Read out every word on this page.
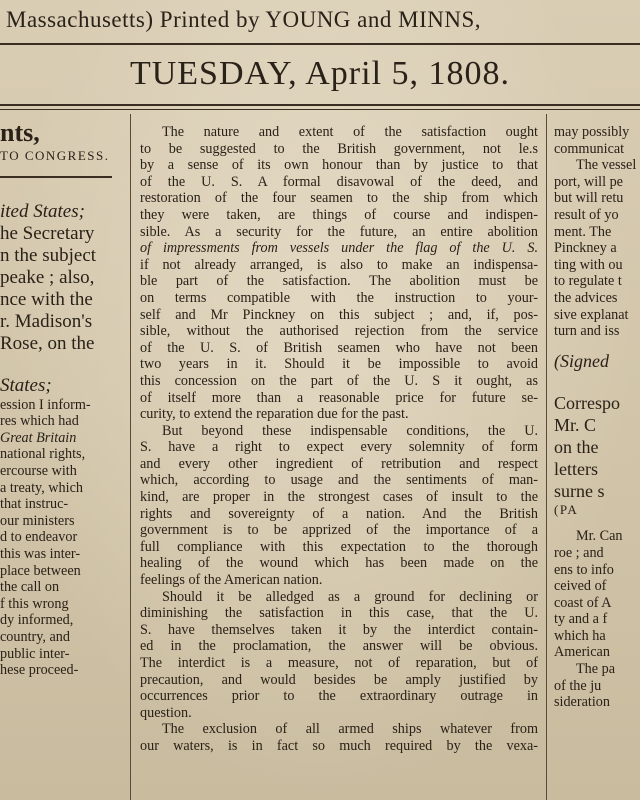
Massachusetts) Printed by YOUNG and MINNS,
TUESDAY, April 5, 1808.
nts,
TO CONGRESS.
ited States;
he Secretary
n the subject
peake ; also,
nce with the
r. Madison's
Rose, on the
States;
ession I inform-
res which had
Great Britain
national rights,
ercourse with
a treaty, which
that instruc-
our ministers
d to endeavor
this was inter-
place between
the call on
f this wrong
dy informed,
country, and
public inter-
hese proceed-
The nature and extent of the satisfaction ought
to be suggested to the British government, not le.s
by a sense of its own honour than by justice to that
of the U. S. A formal disavowal of the deed, and
restoration of the four seamen to the ship from which
they were taken, are things of course and indispen-
sible. As a security for the future, an entire abolition
of impressments from vessels under the flag of the U. S.
if not already arranged, is also to make an indispensa-
ble part of the satisfaction. The abolition must be
on terms compatible with the instruction to your-
self and Mr Pinckney on this subject ; and, if, pos-
sible, without the authorised rejection from the service
of the U. S. of British seamen who have not been
two years in it. Should it be impossible to avoid
this concession on the part of the U. S it ought, as
of itself more than a reasonable price for future se-
curity, to extend the reparation due for the past.
But beyond these indispensable conditions, the U.
S. have a right to expect every solemnity of form
and every other ingredient of retribution and respect
which, according to usage and the sentiments of man-
kind, are proper in the strongest cases of insult to the
rights and sovereignty of a nation. And the British
government is to be apprized of the importance of a
full compliance with this expectation to the thorough
healing of the wound which has been made on the
feelings of the American nation.
Should it be alledged as a ground for declining or
diminishing the satisfaction in this case, that the U.
S. have themselves taken it by the interdict contain-
ed in the proclamation, the answer will be obvious.
The interdict is a measure, not of reparation, but of
precaution, and would besides be amply justified by
occurrences prior to the extraordinary outrage in
question.
The exclusion of all armed ships whatever from
our waters, is in fact so much required by the vexa-
may possibly
communicat
The vessel
port, will pe
but will retu
result of yo
ment. The
Pinckney a
ting with ou
to regulate t
the advices
sive explanat
turn and iss
(Signed
Correspo
Mr. C
on the
letters
surne s
(PA
Mr. Can
roe ; and
ens to info
ceived of
coast of A
ty and a f
which ha
American
The pa
of the ju
sideration
